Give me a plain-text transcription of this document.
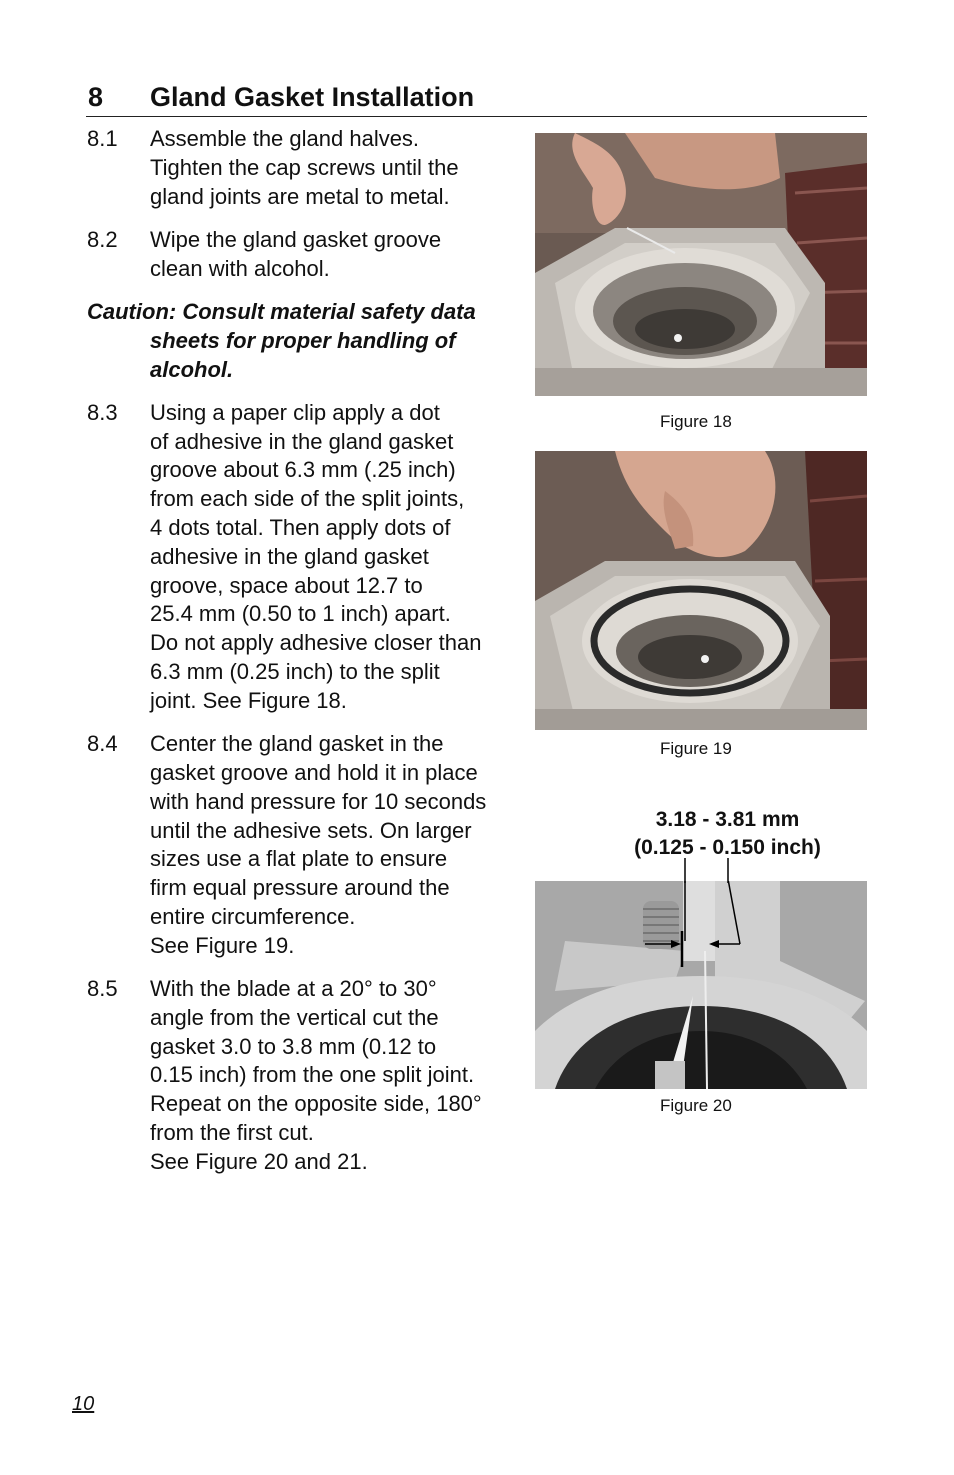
8 Gland Gasket Installation
8.1 Assemble the gland halves.
Tighten the cap screws until the
gland joints are metal to metal.
8.2 Wipe the gland gasket groove
clean with alcohol.
Caution: Consult material safety data
sheets for proper handling of
alcohol.
8.3 Using a paper clip apply a dot
of adhesive in the gland gasket
groove about 6.3 mm (.25 inch)
from each side of the split joints,
4 dots total. Then apply dots of
adhesive in the gland gasket
groove, space about 12.7 to
25.4 mm (0.50 to 1 inch) apart.
Do not apply adhesive closer than
6.3 mm (0.25 inch) to the split
joint. See Figure 18.
8.4 Center the gland gasket in the
gasket groove and hold it in place
with hand pressure for 10 seconds
until the adhesive sets. On larger
sizes use a flat plate to ensure
firm equal pressure around the
entire circumference.
See Figure 19.
8.5 With the blade at a 20° to 30°
angle from the vertical cut the
gasket 3.0 to 3.8 mm (0.12 to
0.15 inch) from the one split joint.
Repeat on the opposite side, 180°
from the first cut.
See Figure 20 and 21.
Figure 18
Figure 19
3.18 - 3.81 mm
(0.125 - 0.150 inch)
Figure 20
10
